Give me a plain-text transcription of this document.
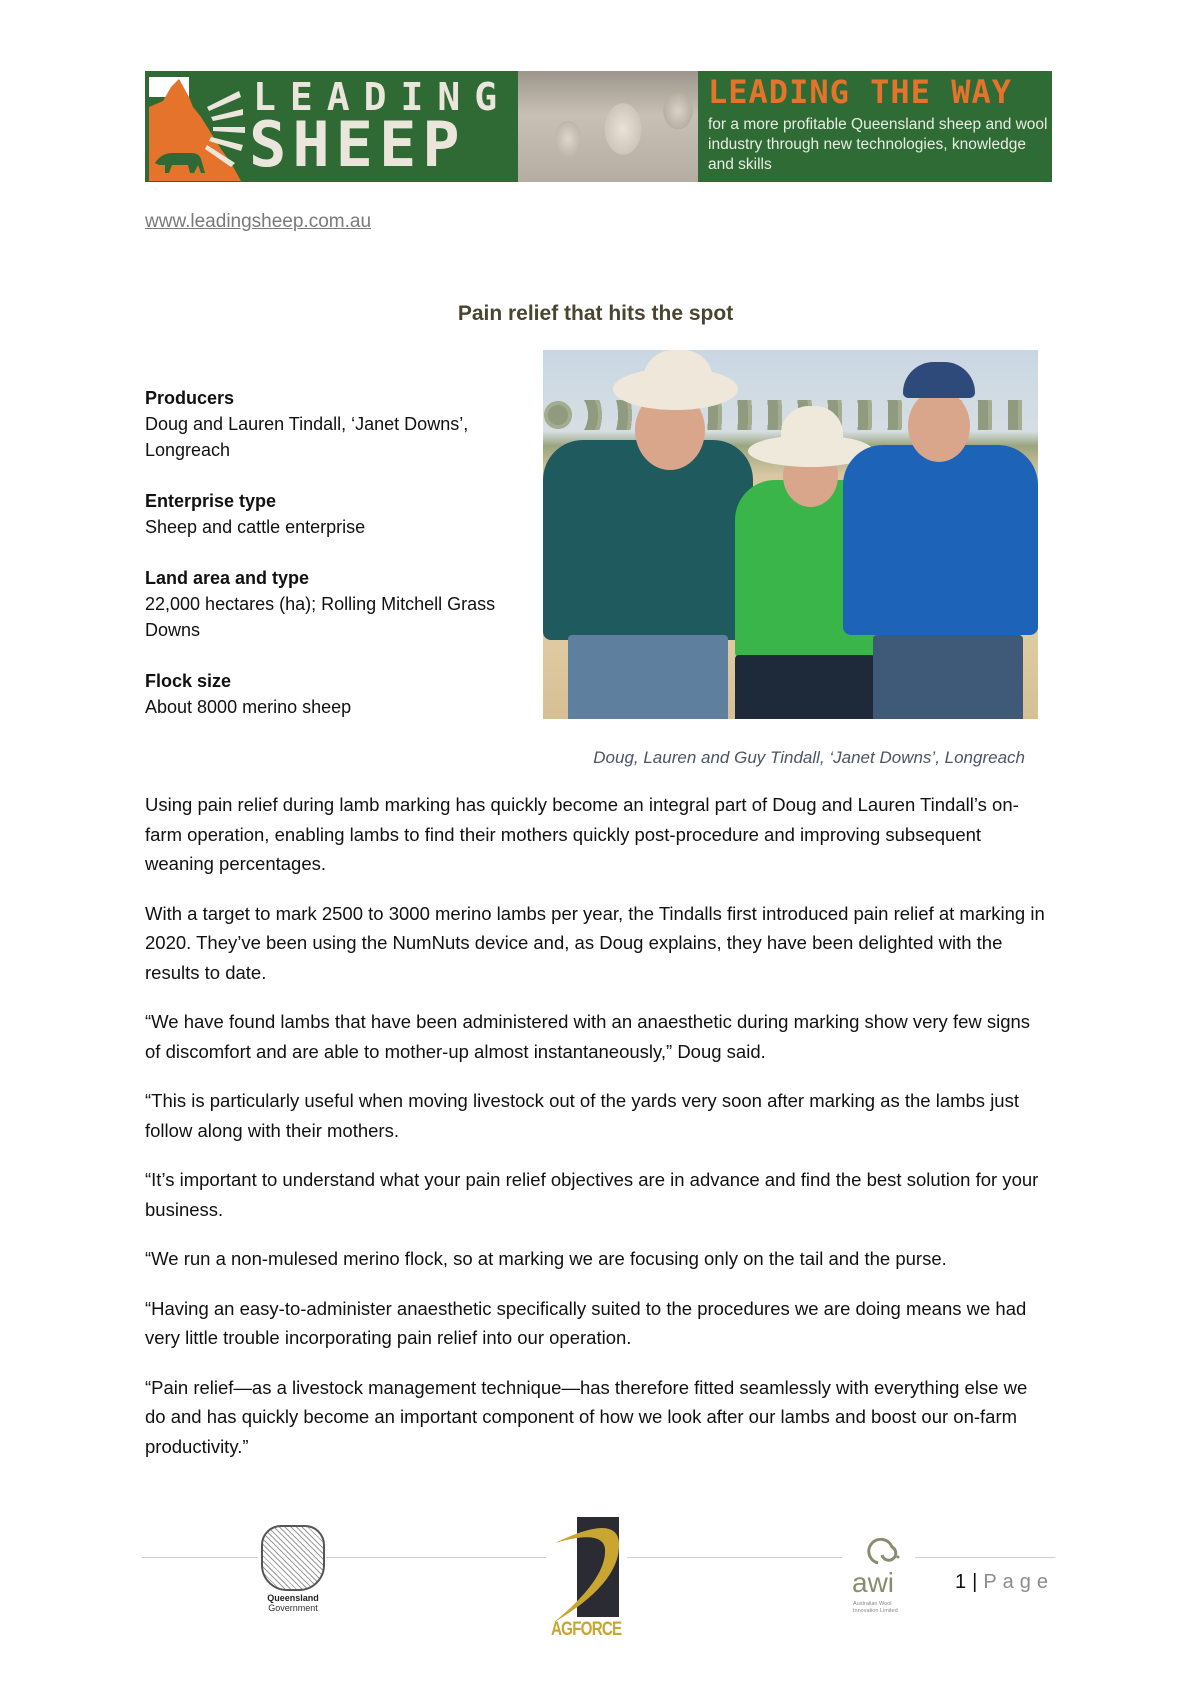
LEADING
SHEEP
LEADING THE WAY
for a more profitable Queensland sheep and wool industry through new technologies, knowledge and skills
www.leadingsheep.com.au
Pain relief that hits the spot
Producers
Doug and Lauren Tindall, ‘Janet Downs’, Longreach
Enterprise type
Sheep and cattle enterprise
Land area and type
22,000 hectares (ha); Rolling Mitchell Grass Downs
Flock size
About 8000 merino sheep
Doug, Lauren and Guy Tindall, ‘Janet Downs’, Longreach

Using pain relief during lamb marking has quickly become an integral part of Doug and Lauren Tindall’s on-farm operation, enabling lambs to find their mothers quickly post-procedure and improving subsequent weaning percentages.

With a target to mark 2500 to 3000 merino lambs per year, the Tindalls first introduced pain relief at marking in 2020. They’ve been using the NumNuts device and, as Doug explains, they have been delighted with the results to date.

“We have found lambs that have been administered with an anaesthetic during marking show very few signs of discomfort and are able to mother-up almost instantaneously,” Doug said.

“This is particularly useful when moving livestock out of the yards very soon after marking as the lambs just follow along with their mothers.

“It’s important to understand what your pain relief objectives are in advance and find the best solution for your business.

“We run a non-mulesed merino flock, so at marking we are focusing only on the tail and the purse.

“Having an easy-to-administer anaesthetic specifically suited to the procedures we are doing means we had very little trouble incorporating pain relief into our operation.

“Pain relief—as a livestock management technique—has therefore fitted seamlessly with everything else we do and has quickly become an important component of how we look after our lambs and boost our on-farm productivity.”

Queensland
Government
AGFORCE
awi
Australian Wool Innovation Limited
1 | Page
